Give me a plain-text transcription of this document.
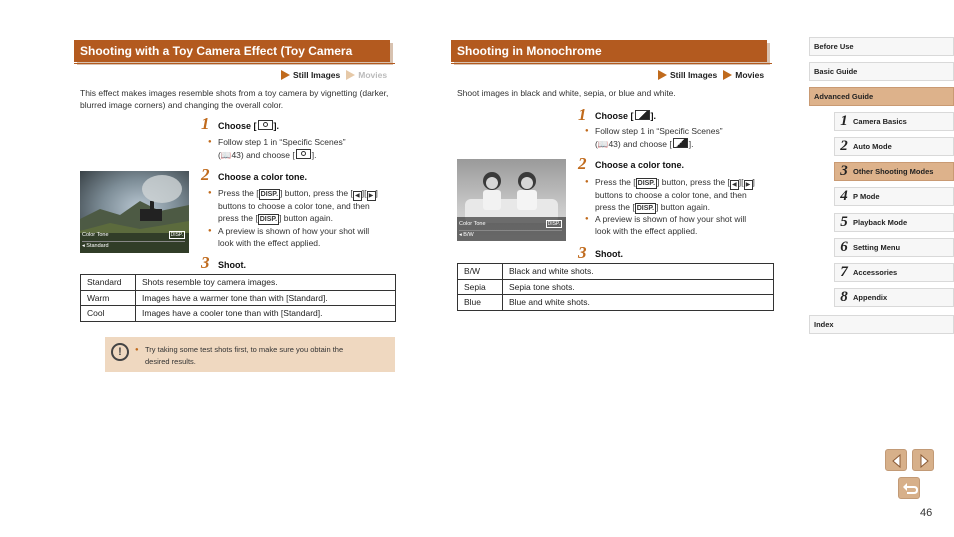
Shooting with a Toy Camera Effect (Toy Camera Effect)	Still Images Movies
This effect makes images resemble shots from a toy camera by vignetting (darker, blurred image corners) and changing the overall color.
1 Choose [ ].
● Follow step 1 in “Specific Scenes”
(📖43) and choose [ ].
2 Choose a color tone.
● Press the [ DISP. ] button, press the [ ◀ ][ ▶ ]
buttons to choose a color tone, and then
press the [ DISP. ] button again.
● A preview is shown of how your shot will
look with the effect applied.
Color Tone	DISP.
◂ Standard
3 Shoot.
Standard	Shots resemble toy camera images.
Warm	Images have a warmer tone than with [Standard].
Cool	Images have a cooler tone than with [Standard].
!	● Try taking some test shots first, to make sure you obtain the
desired results.
Shooting in Monochrome
Still Images Movies
Shoot images in black and white, sepia, or blue and white.
1 Choose [ ].
● Follow step 1 in “Specific Scenes”
(📖43) and choose [ ].
2 Choose a color tone.
● Press the [ DISP. ] button, press the [ ◀ ][ ▶ ]
buttons to choose a color tone, and then
press the [ DISP. ] button again.
● A preview is shown of how your shot will
look with the effect applied.
Color Tone	DISP.
◂ B/W
3 Shoot.
B/W	Black and white shots.
Sepia	Sepia tone shots.
Blue	Blue and white shots.
Before Use
Basic Guide
Advanced Guide
1 Camera Basics
2 Auto Mode
3 Other Shooting Modes
4 P Mode
5 Playback Mode
6 Setting Menu
7 Accessories
8 Appendix
Index
46
